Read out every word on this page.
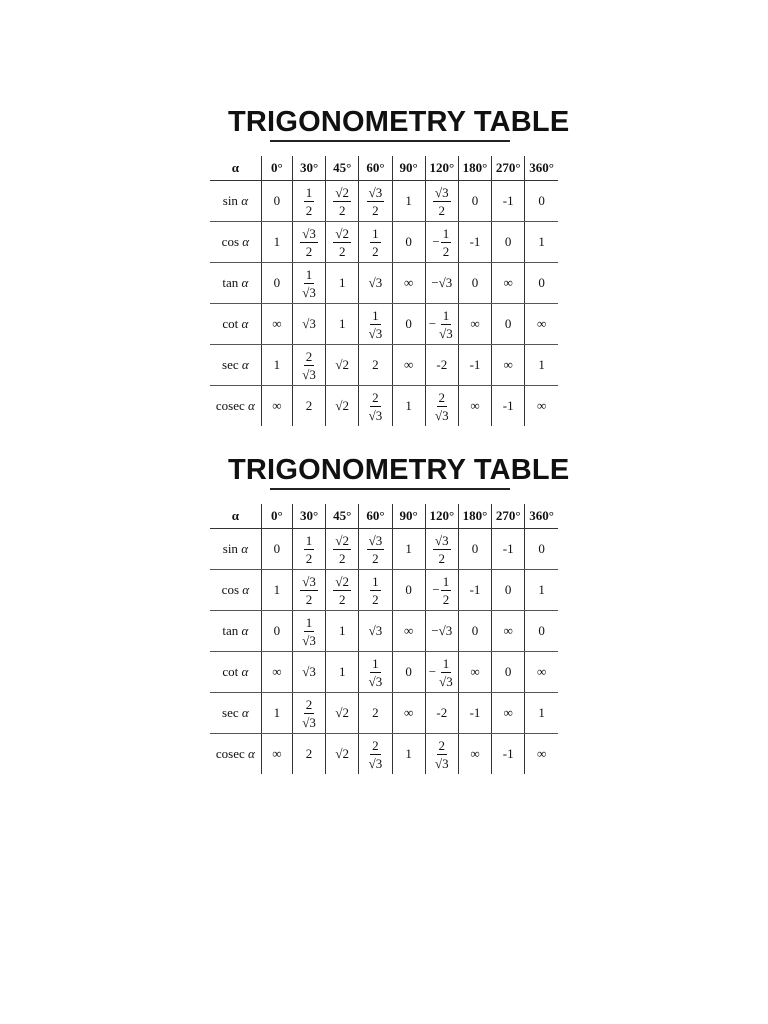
TRIGONOMETRY TABLE
α	0°	30°	45°	60°	90°	120°	180°	270°	360°
sin α	0	$\frac{1}{2}$	$\frac{√2}{2}$	$\frac{√3}{2}$	1	$\frac{√3}{2}$	0	-1	0
cos α	1	$\frac{√3}{2}$	$\frac{√2}{2}$	$\frac{1}{2}$	0	− $\frac{1}{2}$	-1	0	1
tan α	0	$\frac{1}{√3}$	1	√3	∞	−√3	0	∞	0
cot α	∞	√3	1	$\frac{1}{√3}$	0	− $\frac{1}{√3}$	∞	0	∞
sec α	1	$\frac{2}{√3}$	√2	2	∞	-2	-1	∞	1
cosec α	∞	2	√2	$\frac{2}{√3}$	1	$\frac{2}{√3}$	∞	-1	∞
TRIGONOMETRY TABLE
α	0°	30°	45°	60°	90°	120°	180°	270°	360°
sin α	0	$\frac{1}{2}$	$\frac{√2}{2}$	$\frac{√3}{2}$	1	$\frac{√3}{2}$	0	-1	0
cos α	1	$\frac{√3}{2}$	$\frac{√2}{2}$	$\frac{1}{2}$	0	− $\frac{1}{2}$	-1	0	1
tan α	0	$\frac{1}{√3}$	1	√3	∞	−√3	0	∞	0
cot α	∞	√3	1	$\frac{1}{√3}$	0	− $\frac{1}{√3}$	∞	0	∞
sec α	1	$\frac{2}{√3}$	√2	2	∞	-2	-1	∞	1
cosec α	∞	2	√2	$\frac{2}{√3}$	1	$\frac{2}{√3}$	∞	-1	∞
